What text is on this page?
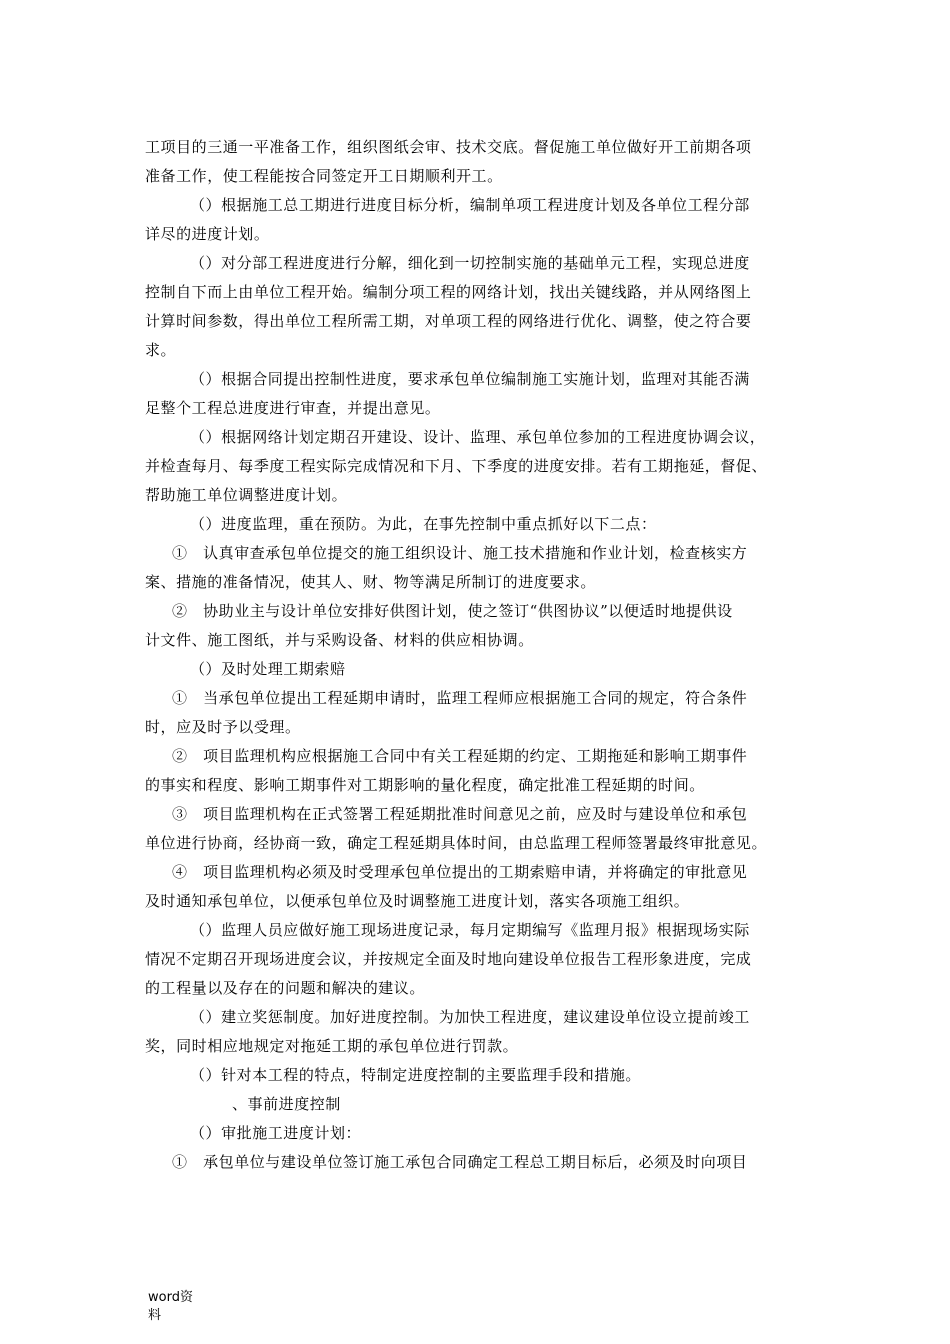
工项目的三通一平准备工作，组织图纸会审、技术交底。督促施工单位做好开工前期各项
准备工作，使工程能按合同签定开工日期顺利开工。
（）根据施工总工期进行进度目标分析，编制单项工程进度计划及各单位工程分部
详尽的进度计划。
（）对分部工程进度进行分解，细化到一切控制实施的基础单元工程，实现总进度
控制自下而上由单位工程开始。编制分项工程的网络计划，找出关键线路，并从网络图上
计算时间参数，得出单位工程所需工期，对单项工程的网络进行优化、调整，使之符合要
求。
（）根据合同提出控制性进度，要求承包单位编制施工实施计划，监理对其能否满
足整个工程总进度进行审查，并提出意见。
（）根据网络计划定期召开建设、设计、监理、承包单位参加的工程进度协调会议，
并检查每月、每季度工程实际完成情况和下月、下季度的进度安排。若有工期拖延，督促、
帮助施工单位调整进度计划。
（）进度监理，重在预防。为此，在事先控制中重点抓好以下二点：
①　认真审查承包单位提交的施工组织设计、施工技术措施和作业计划，检查核实方
案、措施的准备情况，使其人、财、物等满足所制订的进度要求。
②　协助业主与设计单位安排好供图计划，使之签订“供图协议”以便适时地提供设
计文件、施工图纸，并与采购设备、材料的供应相协调。
（）及时处理工期索赔
①　当承包单位提出工程延期申请时，监理工程师应根据施工合同的规定，符合条件
时，应及时予以受理。
②　项目监理机构应根据施工合同中有关工程延期的约定、工期拖延和影响工期事件
的事实和程度、影响工期事件对工期影响的量化程度，确定批准工程延期的时间。
③　项目监理机构在正式签署工程延期批准时间意见之前，应及时与建设单位和承包
单位进行协商，经协商一致，确定工程延期具体时间，由总监理工程师签署最终审批意见。
④　项目监理机构必须及时受理承包单位提出的工期索赔申请，并将确定的审批意见
及时通知承包单位，以便承包单位及时调整施工进度计划，落实各项施工组织。
（）监理人员应做好施工现场进度记录，每月定期编写《监理月报》根据现场实际
情况不定期召开现场进度会议，并按规定全面及时地向建设单位报告工程形象进度，完成
的工程量以及存在的问题和解决的建议。
（）建立奖惩制度。加好进度控制。为加快工程进度，建议建设单位设立提前竣工
奖，同时相应地规定对拖延工期的承包单位进行罚款。
（）针对本工程的特点，特制定进度控制的主要监理手段和措施。
、事前进度控制
（）审批施工进度计划：
①　承包单位与建设单位签订施工承包合同确定工程总工期目标后，必须及时向项目
word资
料
